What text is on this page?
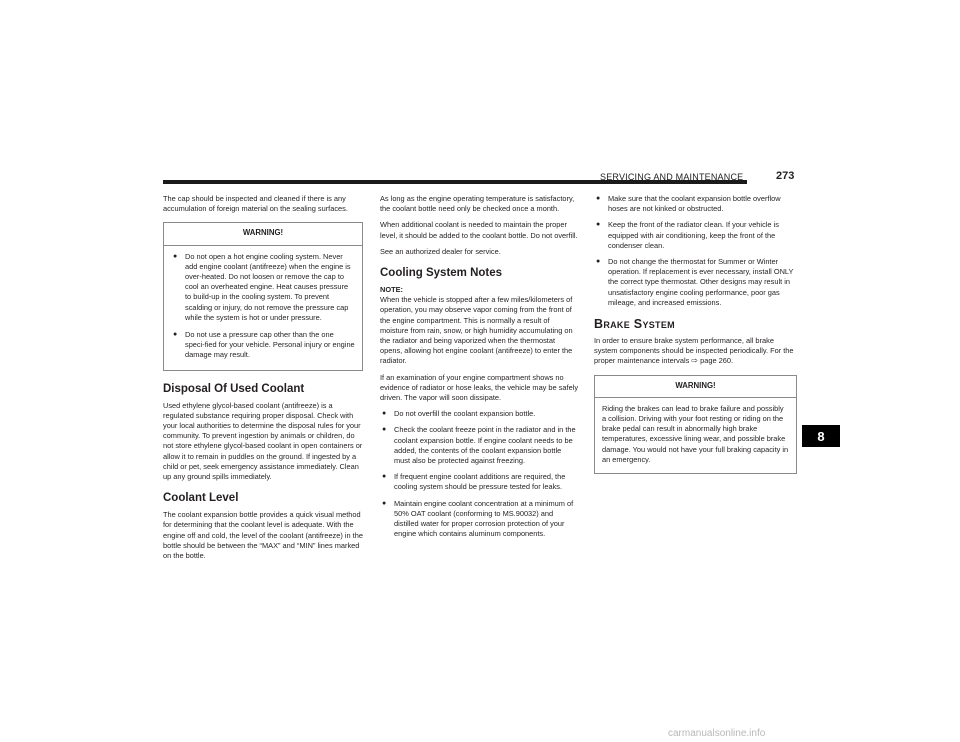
SERVICING AND MAINTENANCE	273

The cap should be inspected and cleaned if there is any accumulation of foreign material on the sealing surfaces.

WARNING!
● Do not open a hot engine cooling system. Never add engine coolant (antifreeze) when the engine is over-heated. Do not loosen or remove the cap to cool an overheated engine. Heat causes pressure to build-up in the cooling system. To prevent scalding or injury, do not remove the pressure cap while the system is hot or under pressure.
● Do not use a pressure cap other than the one speci-fied for your vehicle. Personal injury or engine damage may result.
Disposal Of Used Coolant

Used ethylene glycol-based coolant (antifreeze) is a regulated substance requiring proper disposal. Check with your local authorities to determine the disposal rules for your community. To prevent ingestion by animals or children, do not store ethylene glycol-based coolant in open containers or allow it to remain in puddles on the ground. If ingested by a child or pet, seek emergency assistance immediately. Clean up any ground spills immediately.

Coolant Level

The coolant expansion bottle provides a quick visual method for determining that the coolant level is adequate. With the engine off and cold, the level of the coolant (antifreeze) in the bottle should be between the “MAX” and “MIN” lines marked on the bottle.

As long as the engine operating temperature is satisfactory, the coolant bottle need only be checked once a month.

When additional coolant is needed to maintain the proper level, it should be added to the coolant bottle. Do not overfill.

See an authorized dealer for service.

Cooling System Notes

NOTE:

When the vehicle is stopped after a few miles/kilometers of operation, you may observe vapor coming from the front of the engine compartment. This is normally a result of moisture from rain, snow, or high humidity accumulating on the radiator and being vaporized when the thermostat opens, allowing hot engine coolant (antifreeze) to enter the radiator.

If an examination of your engine compartment shows no evidence of radiator or hose leaks, the vehicle may be safely driven. The vapor will soon dissipate.

● Do not overfill the coolant expansion bottle.
● Check the coolant freeze point in the radiator and in the coolant expansion bottle. If engine coolant needs to be added, the contents of the coolant expansion bottle must also be protected against freezing.
● If frequent engine coolant additions are required, the cooling system should be pressure tested for leaks.
● Maintain engine coolant concentration at a minimum of 50% OAT coolant (conforming to MS.90032) and distilled water for proper corrosion protection of your engine which contains aluminum components.
● Make sure that the coolant expansion bottle overflow hoses are not kinked or obstructed.
● Keep the front of the radiator clean. If your vehicle is equipped with air conditioning, keep the front of the condenser clean.
● Do not change the thermostat for Summer or Winter operation. If replacement is ever necessary, install ONLY the correct type thermostat. Other designs may result in unsatisfactory engine cooling performance, poor gas mileage, and increased emissions.
Brake System

In order to ensure brake system performance, all brake system components should be inspected periodically. For the proper maintenance intervals ⇨ page 260.

WARNING!

Riding the brakes can lead to brake failure and possibly a collision. Driving with your foot resting or riding on the brake pedal can result in abnormally high brake temperatures, excessive lining wear, and possible brake damage. You would not have your full braking capacity in an emergency.

8
carmanualsonline.info
